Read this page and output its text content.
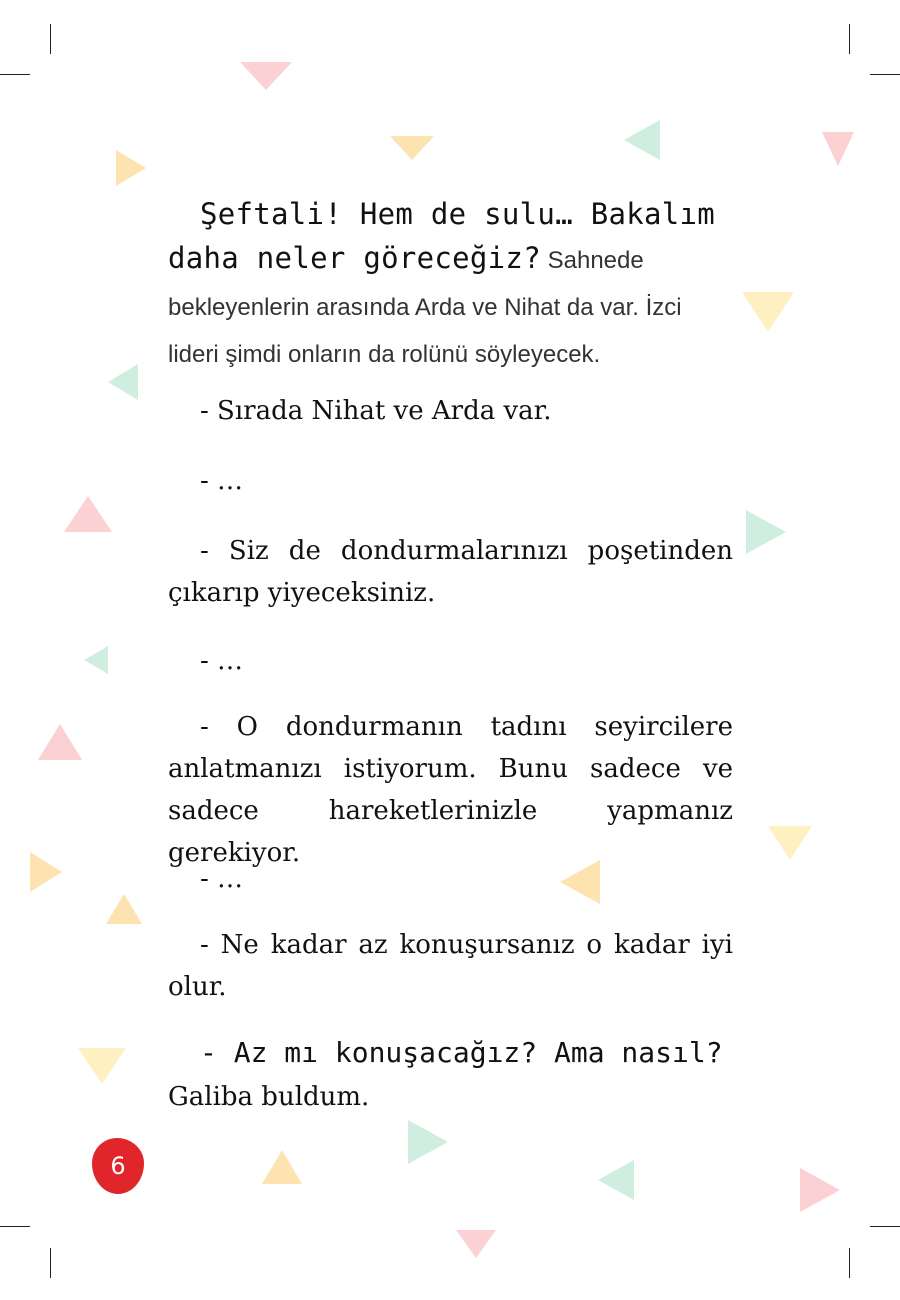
Şeftali! Hem de sulu… Bakalım daha neler göreceğiz? Sahnede bekleyenlerin arasında Arda ve Nihat da var. İzci lideri şimdi onların da rolünü söyleyecek.

- Sırada Nihat ve Arda var.

- …

- Siz de dondurmalarınızı poşetinden çıkarıp yiyeceksiniz.

- …

- O dondurmanın tadını seyircilere anlatmanızı istiyorum. Bunu sadece ve sadece hareketlerinizle yapmanız gerekiyor.

- …

- Ne kadar az konuşursanız o kadar iyi olur.

- Az mı konuşacağız? Ama nasıl?
Galiba buldum.
6
